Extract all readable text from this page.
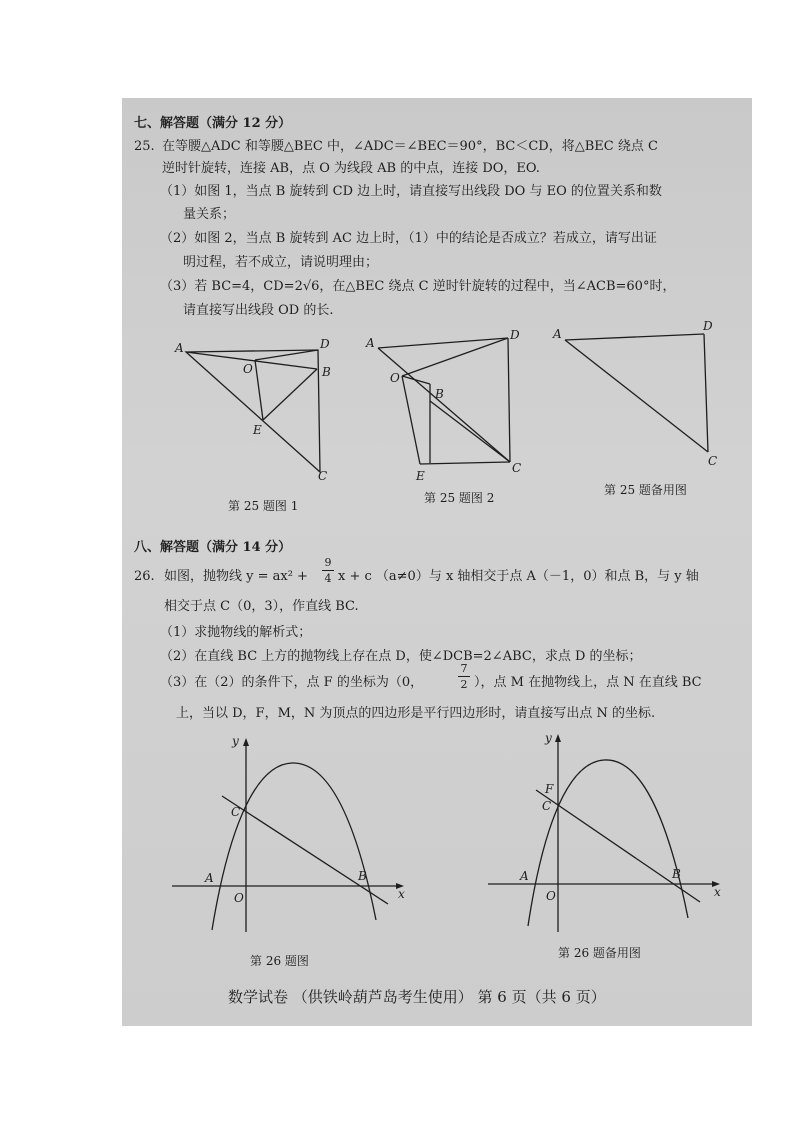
七、解答题（满分 12 分）
25. 在等腰△ADC 和等腰△BEC 中，∠ADC＝∠BEC＝90°，BC＜CD，将△BEC 绕点 C
逆时针旋转，连接 AB，点 O 为线段 AB 的中点，连接 DO，EO.
（1）如图 1，当点 B 旋转到 CD 边上时，请直接写出线段 DO 与 EO 的位置关系和数
量关系；
（2）如图 2，当点 B 旋转到 AC 边上时，（1）中的结论是否成立？若成立，请写出证
明过程，若不成立，请说明理由；
（3）若 BC=4，CD=2√6，在△BEC 绕点 C 逆时针旋转的过程中，当∠ACB=60°时，
请直接写出线段 OD 的长.
A	D
O	B
E
C
第 25 题图 1
A
D
O
B
E
C
第 25 题图 2
A
D
C
第 25 题备用图
八、解答题（满分 14 分）
26. 如图，抛物线 $y = ax^2 + \frac{9}{4}$ x + c （a≠0）与 x 轴相交于点 A（－1，0）和点 B，与 y 轴
相交于点 C（0，3），作直线 BC.
（1）求抛物线的解析式；
（2）在直线 BC 上方的抛物线上存在点 D，使∠DCB=2∠ABC，求点 D 的坐标；
（3）在（2）的条件下，点 F 的坐标为（0，	$\frac{7}{2}$ ），点 M 在抛物线上，点 N 在直线 BC
上，当以 D，F，M，N 为顶点的四边形是平行四边形时，请直接写出点 N 的坐标.
y
x
A	B
C
O
第 26 题图
y
x
A	B
C
F
O
第 26 题备用图
数学试卷 （供铁岭葫芦岛考生使用） 第 6 页（共 6 页）
